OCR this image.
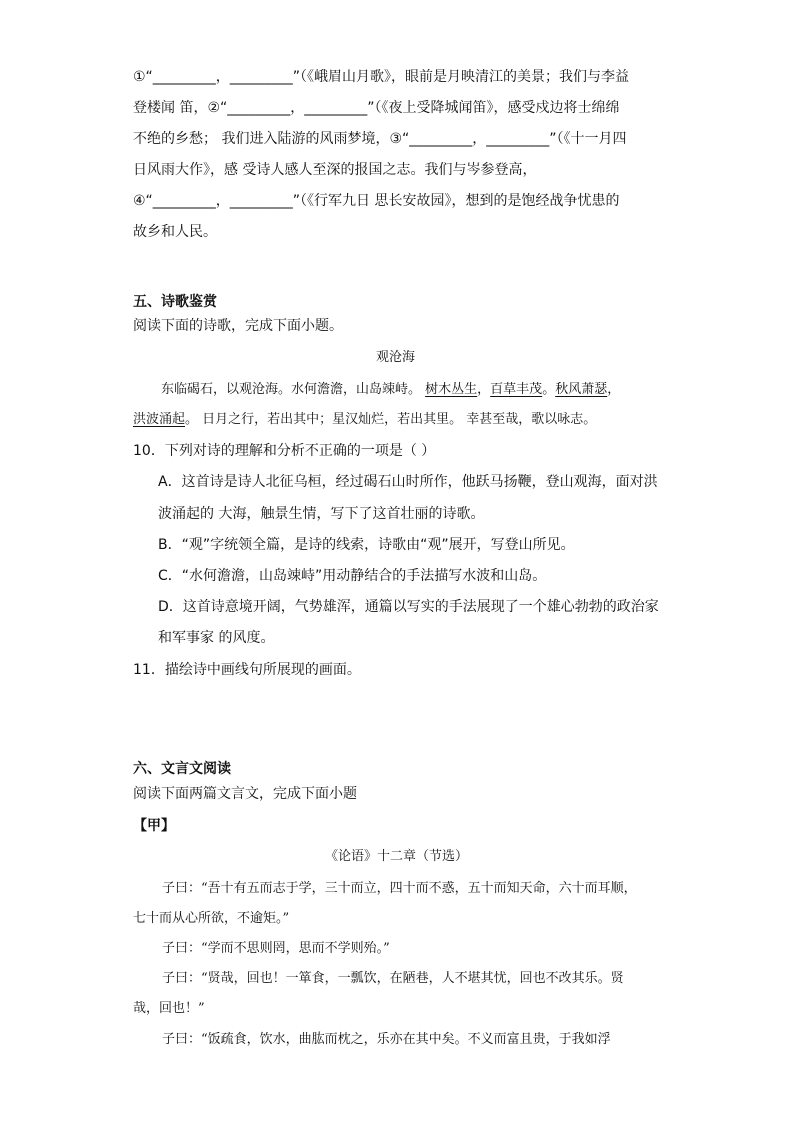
①“_________，_________”（《峨眉山月歌》，眼前是月映清江的美景；我们与李益
登楼闻 笛，②“_________，_________”（《夜上受降城闻笛》，感受戍边将士绵绵
不绝的乡愁； 我们进入陆游的风雨梦境，③“_________，_________”（《十一月四
日风雨大作》，感 受诗人感人至深的报国之志。我们与岑参登高，
④“_________，_________”（《行军九日 思长安故园》，想到的是饱经战争忧患的
故乡和人民。
五、诗歌鉴赏
阅读下面的诗歌，完成下面小题。
观沧海
东临碣石，以观沧海。水何澹澹，山岛竦峙。 树木丛生，百草丰茂。秋风萧瑟，
洪波涌起。 日月之行，若出其中；星汉灿烂，若出其里。 幸甚至哉，歌以咏志。
10．下列对诗的理解和分析不正确的一项是（ ）
A．这首诗是诗人北征乌桓，经过碣石山时所作，他跃马扬鞭，登山观海，面对洪
波涌起的 大海，触景生情，写下了这首壮丽的诗歌。
B．“观”字统领全篇，是诗的线索，诗歌由“观”展开，写登山所见。
C．“水何澹澹，山岛竦峙”用动静结合的手法描写水波和山岛。
D．这首诗意境开阔，气势雄浑，通篇以写实的手法展现了一个雄心勃勃的政治家
和军事家 的风度。
11．描绘诗中画线句所展现的画面。
六、文言文阅读
阅读下面两篇文言文，完成下面小题
【甲】
《论语》十二章（节选）
子曰：“吾十有五而志于学，三十而立，四十而不惑，五十而知天命，六十而耳顺，
七十而从心所欲，不逾矩。”
子曰：“学而不思则罔，思而不学则殆。”
子曰：“贤哉，回也！一箪食，一瓢饮，在陋巷，人不堪其忧，回也不改其乐。贤
哉，回也！”
子曰：“饭疏食，饮水，曲肱而枕之，乐亦在其中矣。不义而富且贵，于我如浮
